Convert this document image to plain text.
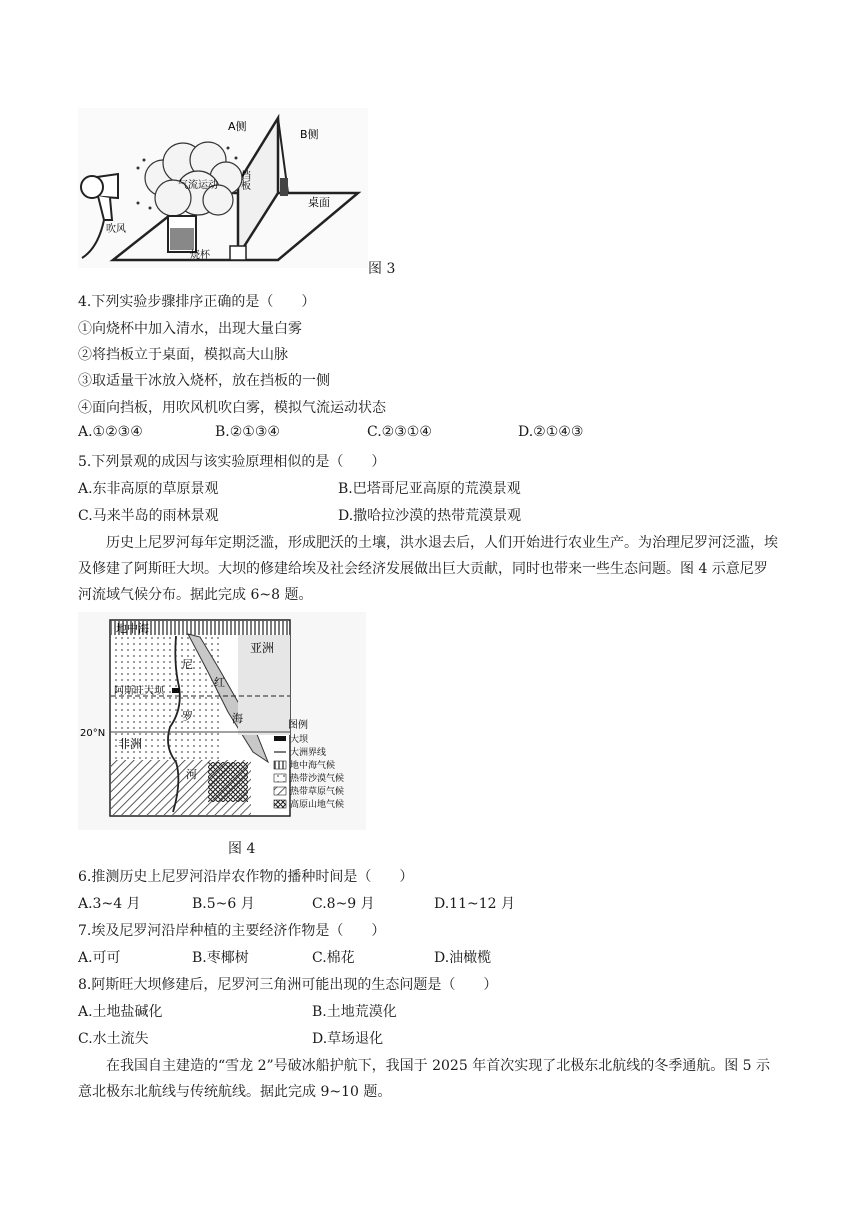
A侧
B侧
气流运动 挡板
桌面
吹风
烧杯
图 3
4.下列实验步骤排序正确的是（　　）
①向烧杯中加入清水，出现大量白雾
②将挡板立于桌面，模拟高大山脉
③取适量干冰放入烧杯，放在挡板的一侧
④面向挡板，用吹风机吹白雾，模拟气流运动状态
A.①②③④	B.②①③④	C.②③①④	D.②①④③
5.下列景观的成因与该实验原理相似的是（　　）
A.东非高原的草原景观	B.巴塔哥尼亚高原的荒漠景观
C.马来半岛的雨林景观	D.撒哈拉沙漠的热带荒漠景观
历史上尼罗河每年定期泛滥，形成肥沃的土壤，洪水退去后，人们开始进行农业生产。为治理尼罗河泛滥，埃及修建了阿斯旺大坝。大坝的修建给埃及社会经济发展做出巨大贡献，同时也带来一些生态问题。图 4 示意尼罗河流域气候分布。据此完成 6~8 题。
地中海
亚洲
阿斯旺大坝
20°N
非洲
尼
罗
河
红
海
图例
大坝
大洲界线
地中海气候
热带沙漠气候
热带草原气候
高原山地气候
图 4
6.推测历史上尼罗河沿岸农作物的播种时间是（　　）
A.3~4 月	B.5~6 月	C.8~9 月	D.11~12 月
7.埃及尼罗河沿岸种植的主要经济作物是（　　）
A.可可	B.枣椰树	C.棉花	D.油橄榄
8.阿斯旺大坝修建后，尼罗河三角洲可能出现的生态问题是（　　）
A.土地盐碱化	B.土地荒漠化
C.水土流失	D.草场退化
在我国自主建造的“雪龙 2”号破冰船护航下，我国于 2025 年首次实现了北极东北航线的冬季通航。图 5 示意北极东北航线与传统航线。据此完成 9~10 题。
